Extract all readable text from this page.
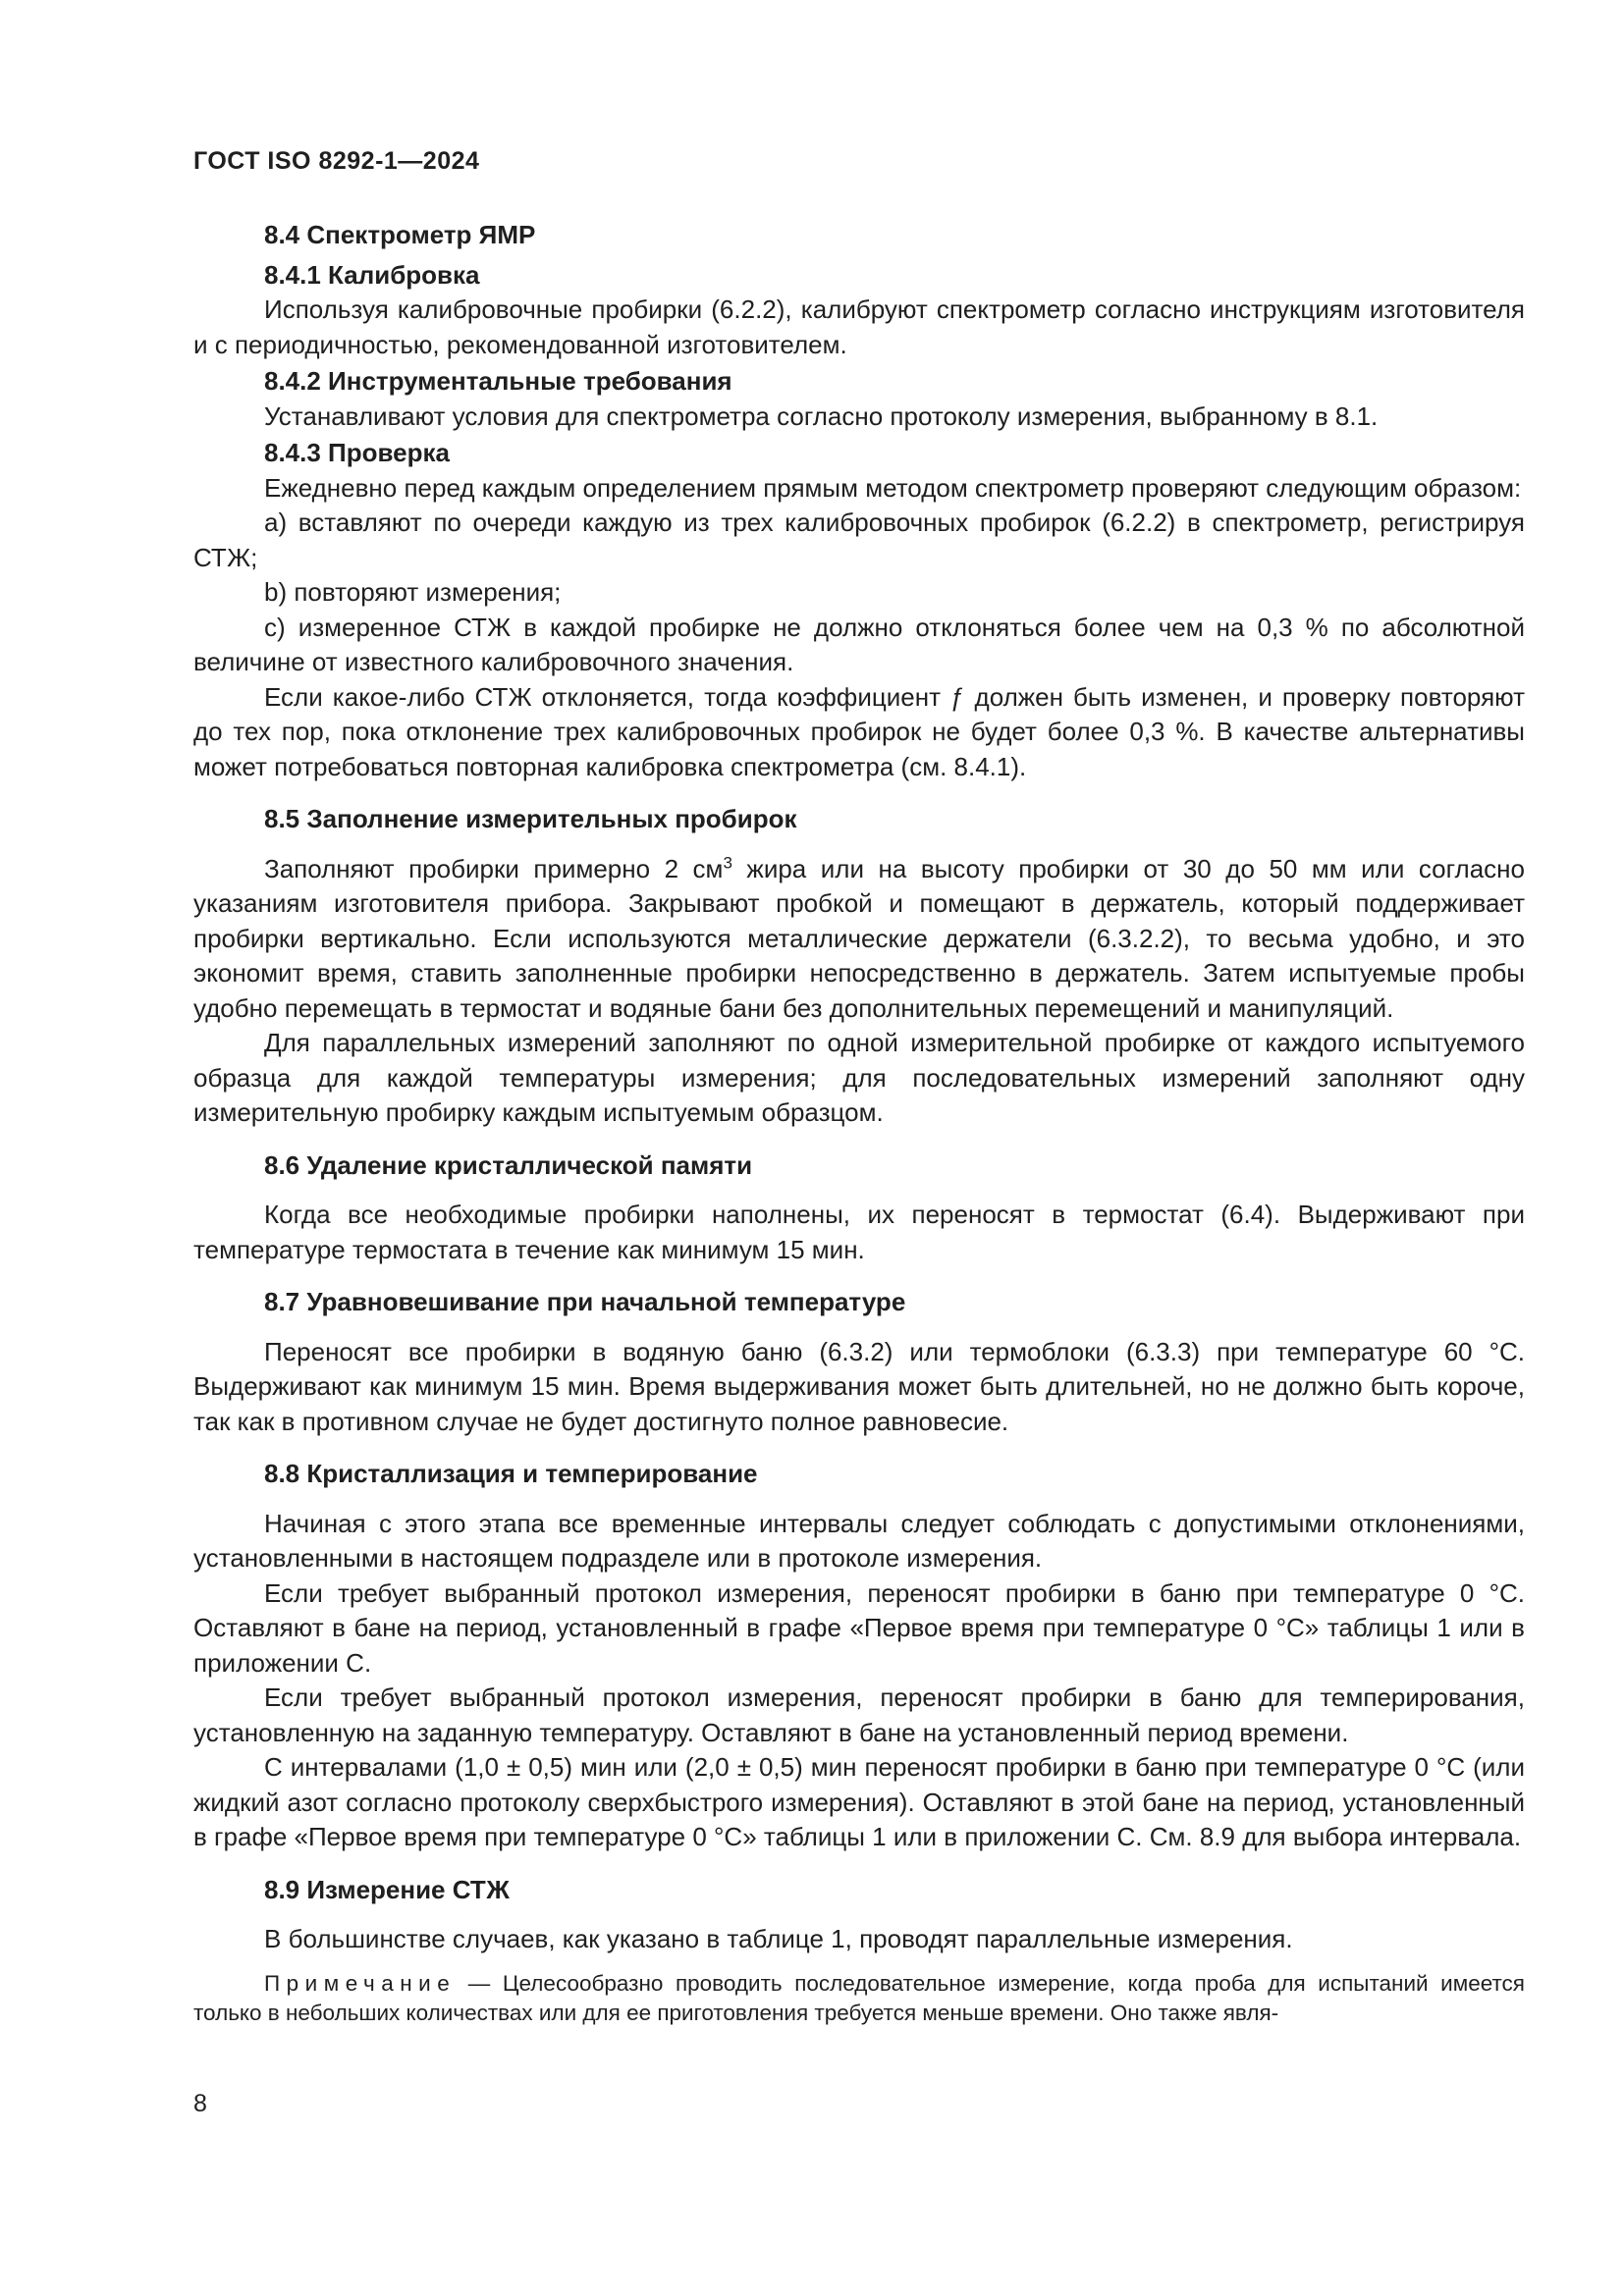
ГОСТ ISO 8292-1—2024

8.4 Спектрометр ЯМР

8.4.1 Калибровка

Используя калибровочные пробирки (6.2.2), калибруют спектрометр согласно инструкциям изготовителя и с периодичностью, рекомендованной изготовителем.

8.4.2 Инструментальные требования

Устанавливают условия для спектрометра согласно протоколу измерения, выбранному в 8.1.

8.4.3 Проверка

Ежедневно перед каждым определением прямым методом спектрометр проверяют следующим образом:

а) вставляют по очереди каждую из трех калибровочных пробирок (6.2.2) в спектрометр, регистрируя СТЖ;

b) повторяют измерения;

с) измеренное СТЖ в каждой пробирке не должно отклоняться более чем на 0,3 % по абсолютной величине от известного калибровочного значения.

Если какое-либо СТЖ отклоняется, тогда коэффициент ƒ должен быть изменен, и проверку повторяют до тех пор, пока отклонение трех калибровочных пробирок не будет более 0,3 %. В качестве альтернативы может потребоваться повторная калибровка спектрометра (см. 8.4.1).

8.5 Заполнение измерительных пробирок

Заполняют пробирки примерно 2 $см^3$ жира или на высоту пробирки от 30 до 50 мм или согласно указаниям изготовителя прибора. Закрывают пробкой и помещают в держатель, который поддерживает пробирки вертикально. Если используются металлические держатели (6.3.2.2), то весьма удобно, и это экономит время, ставить заполненные пробирки непосредственно в держатель. Затем испытуемые пробы удобно перемещать в термостат и водяные бани без дополнительных перемещений и манипуляций.

Для параллельных измерений заполняют по одной измерительной пробирке от каждого испытуемого образца для каждой температуры измерения; для последовательных измерений заполняют одну измерительную пробирку каждым испытуемым образцом.

8.6 Удаление кристаллической памяти

Когда все необходимые пробирки наполнены, их переносят в термостат (6.4). Выдерживают при температуре термостата в течение как минимум 15 мин.

8.7 Уравновешивание при начальной температуре

Переносят все пробирки в водяную баню (6.3.2) или термоблоки (6.3.3) при температуре 60 °С. Выдерживают как минимум 15 мин. Время выдерживания может быть длительней, но не должно быть короче, так как в противном случае не будет достигнуто полное равновесие.

8.8 Кристаллизация и темперирование

Начиная с этого этапа все временные интервалы следует соблюдать с допустимыми отклонениями, установленными в настоящем подразделе или в протоколе измерения.

Если требует выбранный протокол измерения, переносят пробирки в баню при температуре 0 °С. Оставляют в бане на период, установленный в графе «Первое время при температуре 0 °С» таблицы 1 или в приложении С.

Если требует выбранный протокол измерения, переносят пробирки в баню для темперирования, установленную на заданную температуру. Оставляют в бане на установленный период времени.

С интервалами (1,0 ± 0,5) мин или (2,0 ± 0,5) мин переносят пробирки в баню при температуре 0 °С (или жидкий азот согласно протоколу сверхбыстрого измерения). Оставляют в этой бане на период, установленный в графе «Первое время при температуре 0 °С» таблицы 1 или в приложении С. См. 8.9 для выбора интервала.

8.9 Измерение СТЖ

В большинстве случаев, как указано в таблице 1, проводят параллельные измерения.

Примечание — Целесообразно проводить последовательное измерение, когда проба для испытаний имеется только в небольших количествах или для ее приготовления требуется меньше времени. Оно также явля-

8
